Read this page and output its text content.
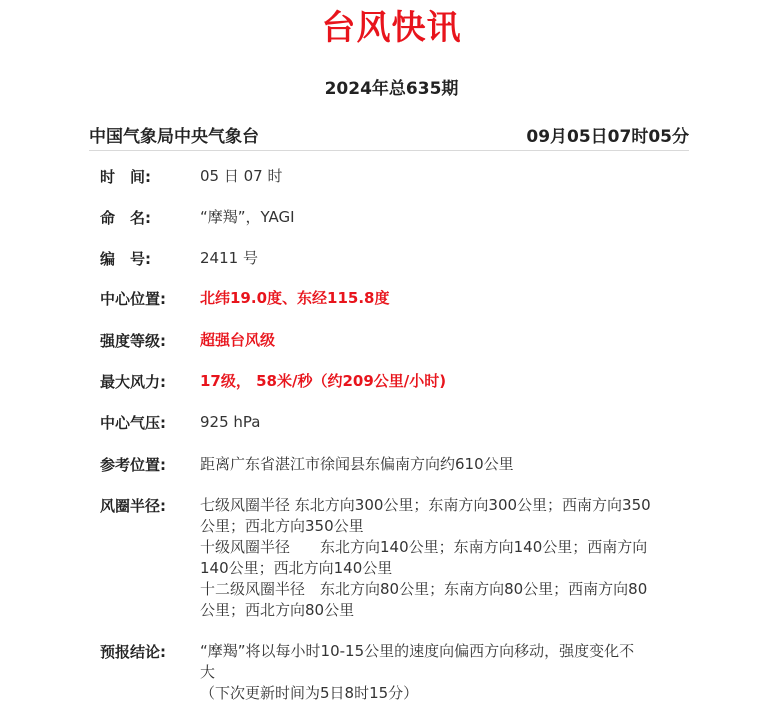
台风快讯
2024年总635期
中国气象局中央气象台	09月05日07时05分
时　间:	05 日 07 时
命　名:	“摩羯”，YAGI
编　号:	2411 号
中心位置:	北纬19.0度、东经115.8度
强度等级:	超强台风级
最大风力:	17级， 58米/秒（约209公里/小时)
中心气压:	925 hPa
参考位置:	距离广东省湛江市徐闻县东偏南方向约610公里
风圈半径:	七级风圈半径 东北方向300公里；东南方向300公里；西南方向350
公里；西北方向350公里
十级风圈半径　　东北方向140公里；东南方向140公里；西南方向
140公里；西北方向140公里
十二级风圈半径　东北方向80公里；东南方向80公里；西南方向80
公里；西北方向80公里
预报结论:	“摩羯”将以每小时10-15公里的速度向偏西方向移动，强度变化不
大
（下次更新时间为5日8时15分）
